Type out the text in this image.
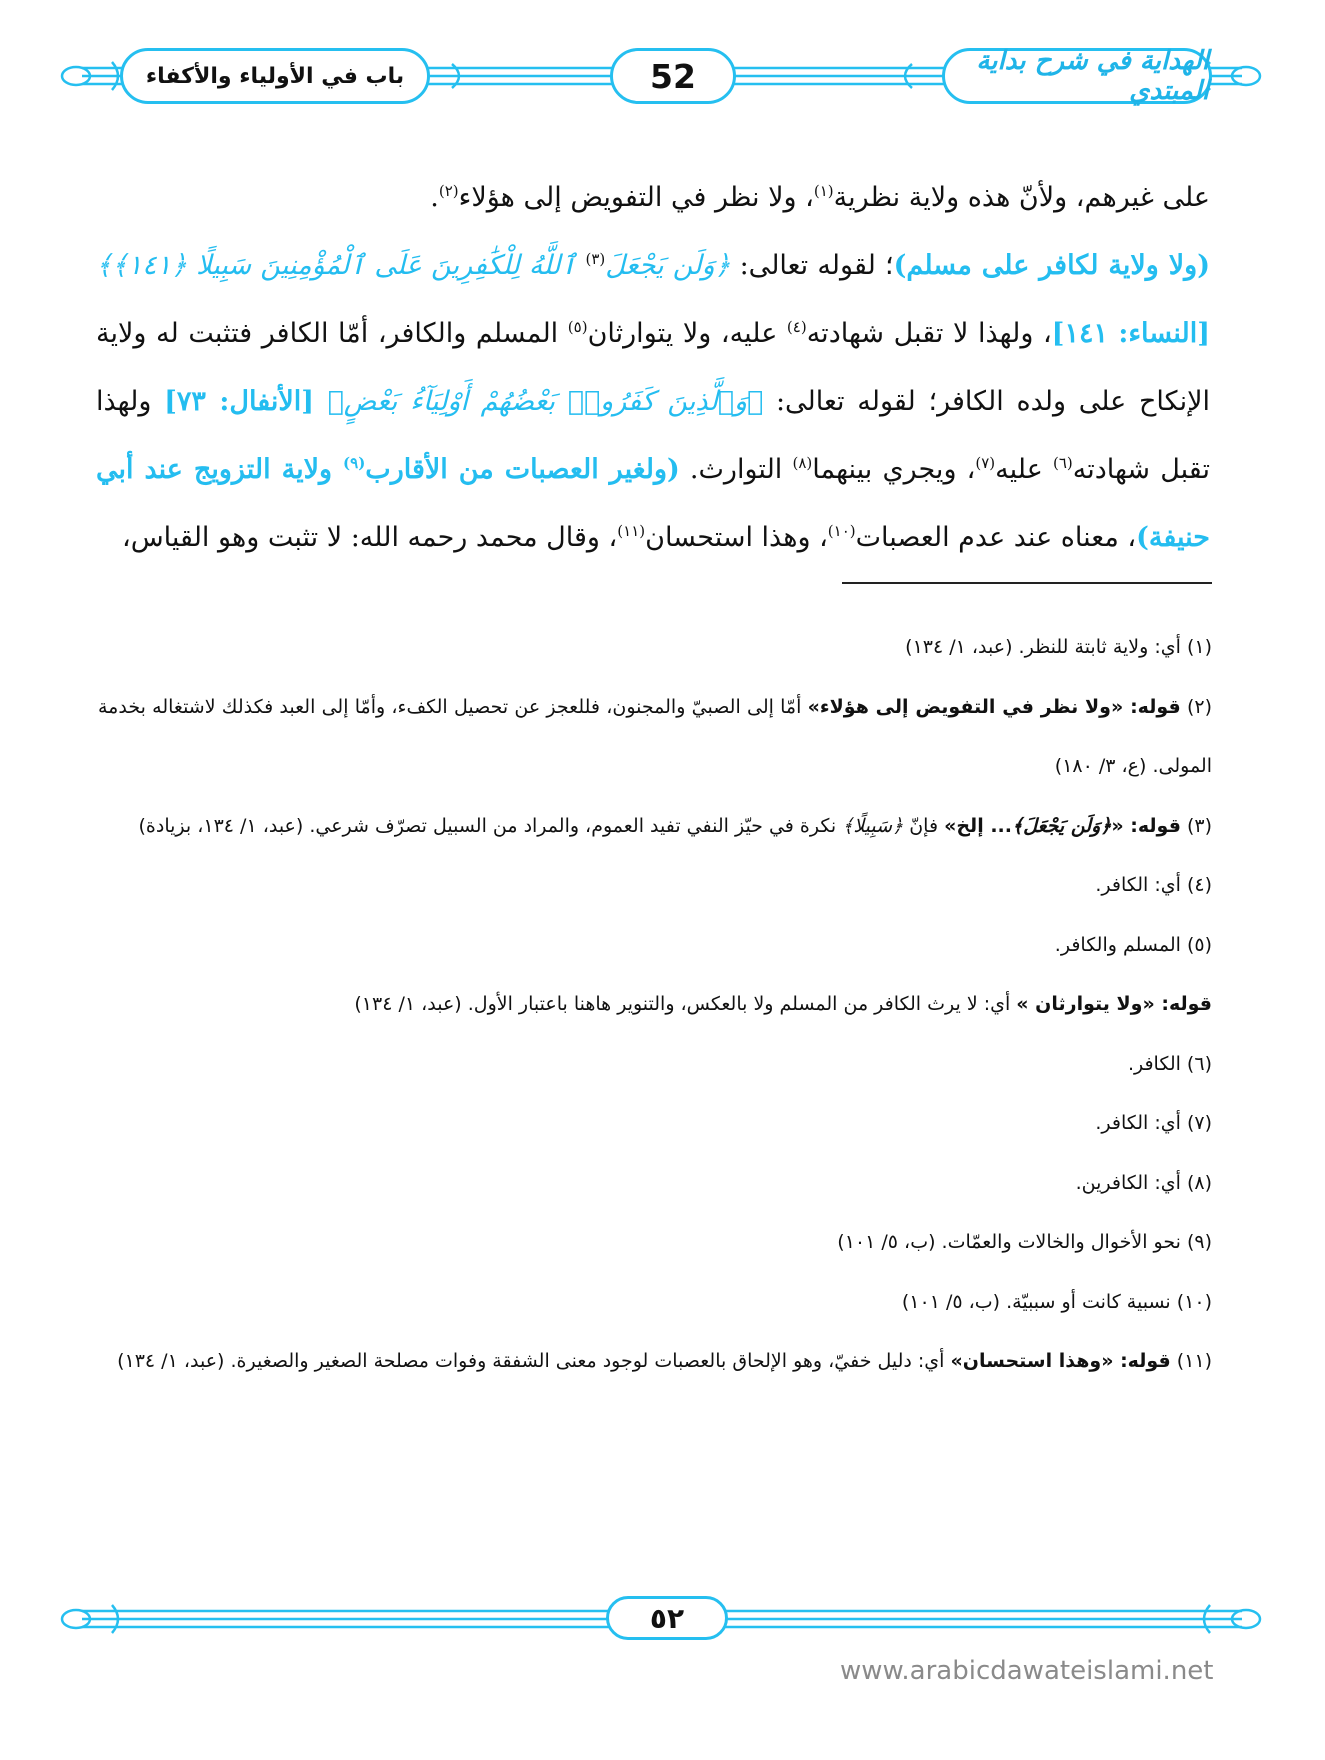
الهداية في شرح بداية المبتدي
52
باب في الأولياء والأكفاء

على غيرهم، ولأنّ هذه ولاية نظرية$^{(١)}$، ولا نظر في التفويض إلى هؤلاء$^{(٢)}$.

(ولا ولاية لكافر على مسلم)؛ لقوله تعالى: ﴿وَلَن يَجْعَلَ$^{(٣)}$ ٱللَّهُ لِلْكَٰفِرِينَ عَلَى ٱلْمُؤْمِنِينَ سَبِيلًا ﴿١٤١﴾﴾ [النساء: ١٤١]، ولهذا لا تقبل شهادته$^{(٤)}$ عليه، ولا يتوارثان$^{(٥)}$ المسلم والكافر، أمّا الكافر فتثبت له ولاية الإنكاح على ولده الكافر؛ لقوله تعالى: ﴿وَٱلَّذِينَ كَفَرُوا۟ بَعْضُهُمْ أَوْلِيَآءُ بَعْضٍ﴾ [الأنفال: ٧٣] ولهذا تقبل شهادته$^{(٦)}$ عليه$^{(٧)}$، ويجري بينهما$^{(٨)}$ التوارث. (ولغير العصبات من الأقارب$^{(٩)}$ ولاية التزويج عند أبي حنيفة)، معناه عند عدم العصبات$^{(١٠)}$، وهذا استحسان$^{(١١)}$، وقال محمد رحمه الله: لا تثبت وهو القياس،

(١) أي: ولاية ثابتة للنظر. (عبد، ١/ ١٣٤)

(٢) قوله: «ولا نظر في التفويض إلى هؤلاء» أمّا إلى الصبيّ والمجنون، فللعجز عن تحصيل الكفء، وأمّا إلى العبد فكذلك لاشتغاله بخدمة المولى. (ع، ٣/ ١٨٠)

(٣) قوله: «﴿وَلَن يَجْعَلَ﴾... إلخ» فإنّ ﴿سَبِيلًا﴾ نكرة في حيّز النفي تفيد العموم، والمراد من السبيل تصرّف شرعي. (عبد، ١/ ١٣٤، بزيادة)

(٤) أي: الكافر.

(٥) المسلم والكافر.

قوله: «ولا يتوارثان » أي: لا يرث الكافر من المسلم ولا بالعكس، والتنوير هاهنا باعتبار الأول. (عبد، ١/ ١٣٤)

(٦) الكافر.

(٧) أي: الكافر.

(٨) أي: الكافرين.

(٩) نحو الأخوال والخالات والعمّات. (ب، ٥/ ١٠١)

(١٠) نسبية كانت أو سببيّة. (ب، ٥/ ١٠١)

(١١) قوله: «وهذا استحسان» أي: دليل خفيّ، وهو الإلحاق بالعصبات لوجود معنى الشفقة وفوات مصلحة الصغير والصغيرة. (عبد، ١/ ١٣٤)

٥٢
www.arabicdawateislami.net
